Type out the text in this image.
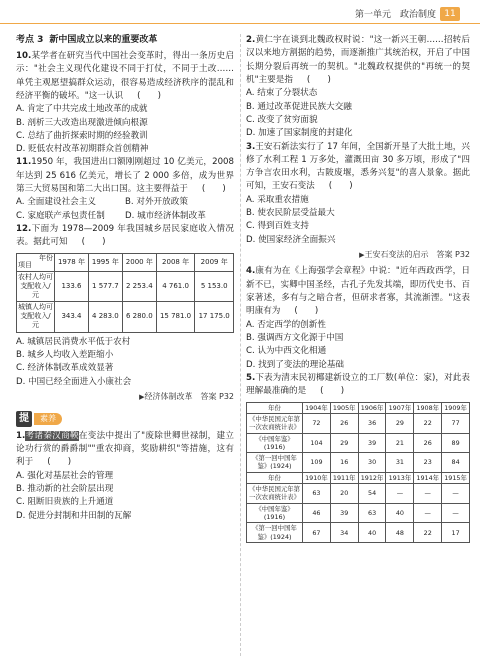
第一单元　 政治制度 11
考点 3 新中国成立以来的重要改革
10.某学者在研究当代中国社会变革时，得出一条历史启示："社会主义现代化建设不同于打仗，不同于土改……单凭主观愿望搞群众运动，很容易造成经济秩序的混乱和经济平衡的破坏。"这一认识 (　　)
A. 肯定了中共完成土地改革的成就
B. 剖析三大改造出现激进倾向根源
C. 总结了曲折探索时期的经验教训
D. 贬低农村改革初期群众首创精神
11.1950 年，我国进出口额刚刚超过 10 亿美元，2008 年达到 25 616 亿美元，增长了 2 000 多倍，成为世界第三大贸易国和第二大出口国。这主要得益于 (　　)
A. 全面建设社会主义	B. 对外开放政策
C. 家庭联产承包责任制	D. 城市经济体制改革
12.下面为 1978—2009 年我国城乡居民家庭收入情况表。据此可知 (　　)
年份
项目	1978 年	1995 年	2000 年	2008 年	2009 年
农村人均可支配收入/元	133.6	1 577.7	2 253.4	4 761.0	5 153.0
城镇人均可支配收入/元	343.4	4 283.0	6 280.0	15 781.0	17 175.0
A. 城镇居民消费水平低于农村
B. 城乡人均收入差距缩小
C. 经济体制改革成效显著
D. 中国已经全面进入小康社会
▶经济体制改革　 答案 P32
提	素养
1.考诸秦汉商鞅在变法中提出了"废除世卿世禄制，建立论功行赏的爵爵制""重农抑商，奖励耕织"等措施，这有利于 (　　)
A. 强化对基层社会的管理
B. 推动新的社会阶层出现
C. 阻断旧贵族的上升通道
D. 促进分封制和井田制的瓦解
2.黄仁宇在谈到北魏政权时说："这一新兴王朝……招转后汉以来地方割据的趋势，而逐渐推广其统治权，开启了中国长期分裂后再统一的契机。"北魏政权提供的"再统一的契机"主要是指 (　　)
A. 结束了分裂状态
B. 通过改革促进民族大交融
C. 改变了贫穷面貌
D. 加速了国家制度的封建化
3.王安石新法实行了 17 年间，全国新开垦了大批土地，兴修了水利工程 1 万多处，灌溉田亩 30 多万顷，形成了"四方争言农田水利，古陂废堰，悉务兴复"的喜人景象。据此可知，王安石变法 (　　)
A. 采取重农措施
B. 使农民阶层受益最大
C. 得到百姓支持
D. 使国家经济全面振兴
▶王安石变法的启示　 答案 P32
4.康有为在《上海强学会章程》中说："近年西政西学，日新不已，实卿中国圣经，古孔子先发其端，即历代史书、百家著述，多有与之暗合者，但研求者寡，其流渐湮。"这表明康有为 (　　)
A. 否定西学的创新性
B. 强调西方文化源于中国
C. 认为中西文化相通
D. 找到了变法的理论基础
5.下表为清末民初椰建新设立的工厂数(单位：家)，对此表理解最准确的是 (　　)
年份	1904年	1905年	1906年	1907年	1908年	1909年
《中华民国元年第一次农商统计表》	72	26	36	29	22	77
《中国年鉴》(1916)	104	29	39	21	26	89
《第一回中国年鉴》(1924)	109	16	30	31	23	84
年份	1910年	1911年	1912年	1913年	1914年	1915年
《中华民国元年第一次农商统计表》	63	20	54	—	—	—
《中国年鉴》(1916)	46	39	63	40	—	—
《第一回中国年鉴》(1924)	67	34	40	48	22	17
